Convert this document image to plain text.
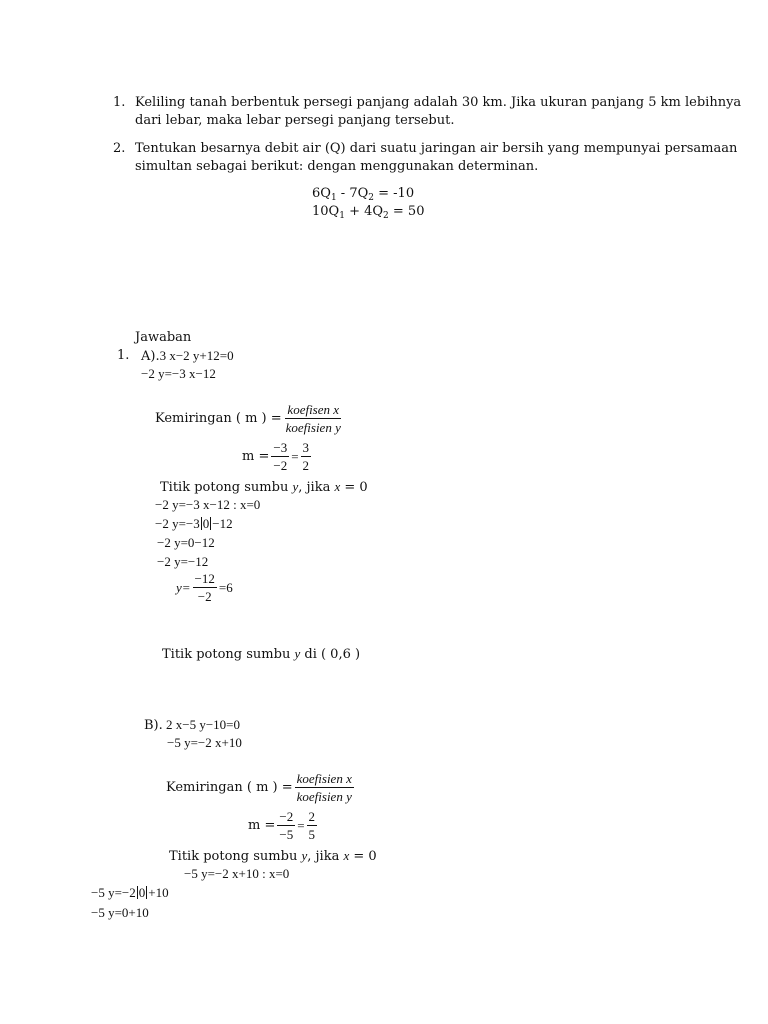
1. Keliling tanah berbentuk persegi panjang adalah 30 km. Jika ukuran panjang 5 km lebihnya
dari lebar, maka lebar persegi panjang tersebut.
2. Tentukan besarnya debit air (Q) dari suatu jaringan air bersih yang mempunyai persamaan
simultan sebagai berikut: dengan menggunakan determinan.
$6Q_1 - 7Q_2 = -10$
$10Q_1 + 4Q_2 = 50$
Jawaban
1. A).3 x−2 y+12=0
−2 y=−3 x−12
Kemiringan ( m ) = $\frac{\text{koefisen x}}{\text{koefisien y}}$
$m = \frac{-3}{-2} = \frac{3}{2}$
Titik potong sumbu y, jika x = 0
−2 y=−3 x−12 : x=0
−2 y=−3 0 −12
−2 y=0−12
−2 y=−12
$y= \frac{-12}{-2} =6$
Titik potong sumbu y di ( 0,6 )
B). 2 x−5 y−10=0
−5 y=−2 x+10
Kemiringan ( m ) = $\frac{\text{koefisien x}}{\text{koefisien y}}$
$m = \frac{-2}{-5} = \frac{2}{5}$
Titik potong sumbu y, jika x = 0
−5 y=−2 x+10 : x=0
−5 y=−2 0 +10
−5 y=0+10
